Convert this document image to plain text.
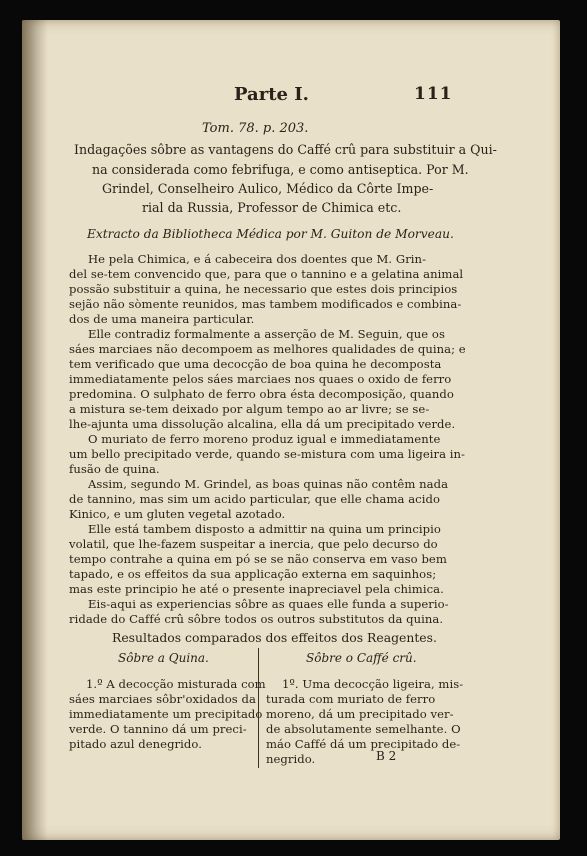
Parte I.	111
Tom. 78. p. 203.
Indagações sôbre as vantagens do Caffé crû para substituir a Qui-
na considerada como febrifuga, e como antiseptica. Por M.
Grindel, Conselheiro Aulico, Médico da Côrte Impe-
rial da Russia, Professor de Chimica etc.
Extracto da Bibliotheca Médica por M. Guiton de Morveau.
He pela Chimica, e á cabeceira dos doentes que M. Grin-
del se-tem convencido que, para que o tannino e a gelatina animal
possão substituir a quina, he necessario que estes dois principios
sejão não sòmente reunidos, mas tambem modificados e combina-
dos de uma maneira particular.
Elle contradiz formalmente a asserção de M. Seguin, que os
sáes marciaes não decompoem as melhores qualidades de quina; e
tem verificado que uma decocção de boa quina he decomposta
immediatamente pelos sáes marciaes nos quaes o oxido de ferro
predomina. O sulphato de ferro obra ésta decomposição, quando
a mistura se-tem deixado por algum tempo ao ar livre; se se-
lhe-ajunta uma dissolução alcalina, ella dá um precipitado verde.
O muriato de ferro moreno produz igual e immediatamente
um bello precipitado verde, quando se-mistura com uma ligeira in-
fusão de quina.
Assim, segundo M. Grindel, as boas quinas não contêm nada
de tannino, mas sim um acido particular, que elle chama acido
Kinico, e um gluten vegetal azotado.
Elle está tambem disposto a admittir na quina um principio
volatil, que lhe-fazem suspeitar a inercia, que pelo decurso do
tempo contrahe a quina em pó se se não conserva em vaso bem
tapado, e os effeitos da sua applicação externa em saquinhos;
mas este principio he até o presente inapreciavel pela chimica.
Eis-aqui as experiencias sôbre as quaes elle funda a superio-
ridade do Caffé crû sôbre todos os outros substitutos da quina.
Resultados comparados dos effeitos dos Reagentes.
Sôbre a Quina.	Sôbre o Caffé crû.
1.º A decocção misturada com
sáes marciaes sôbr'oxidados da
immediatamente um precipitado
verde. O tannino dá um preci-
pitado azul denegrido.
1º. Uma decocção ligeira, mis-
turada com muriato de ferro
moreno, dá um precipitado ver-
de absolutamente semelhante. O
máo Caffé dá um precipitado de-
negrido.	B 2
